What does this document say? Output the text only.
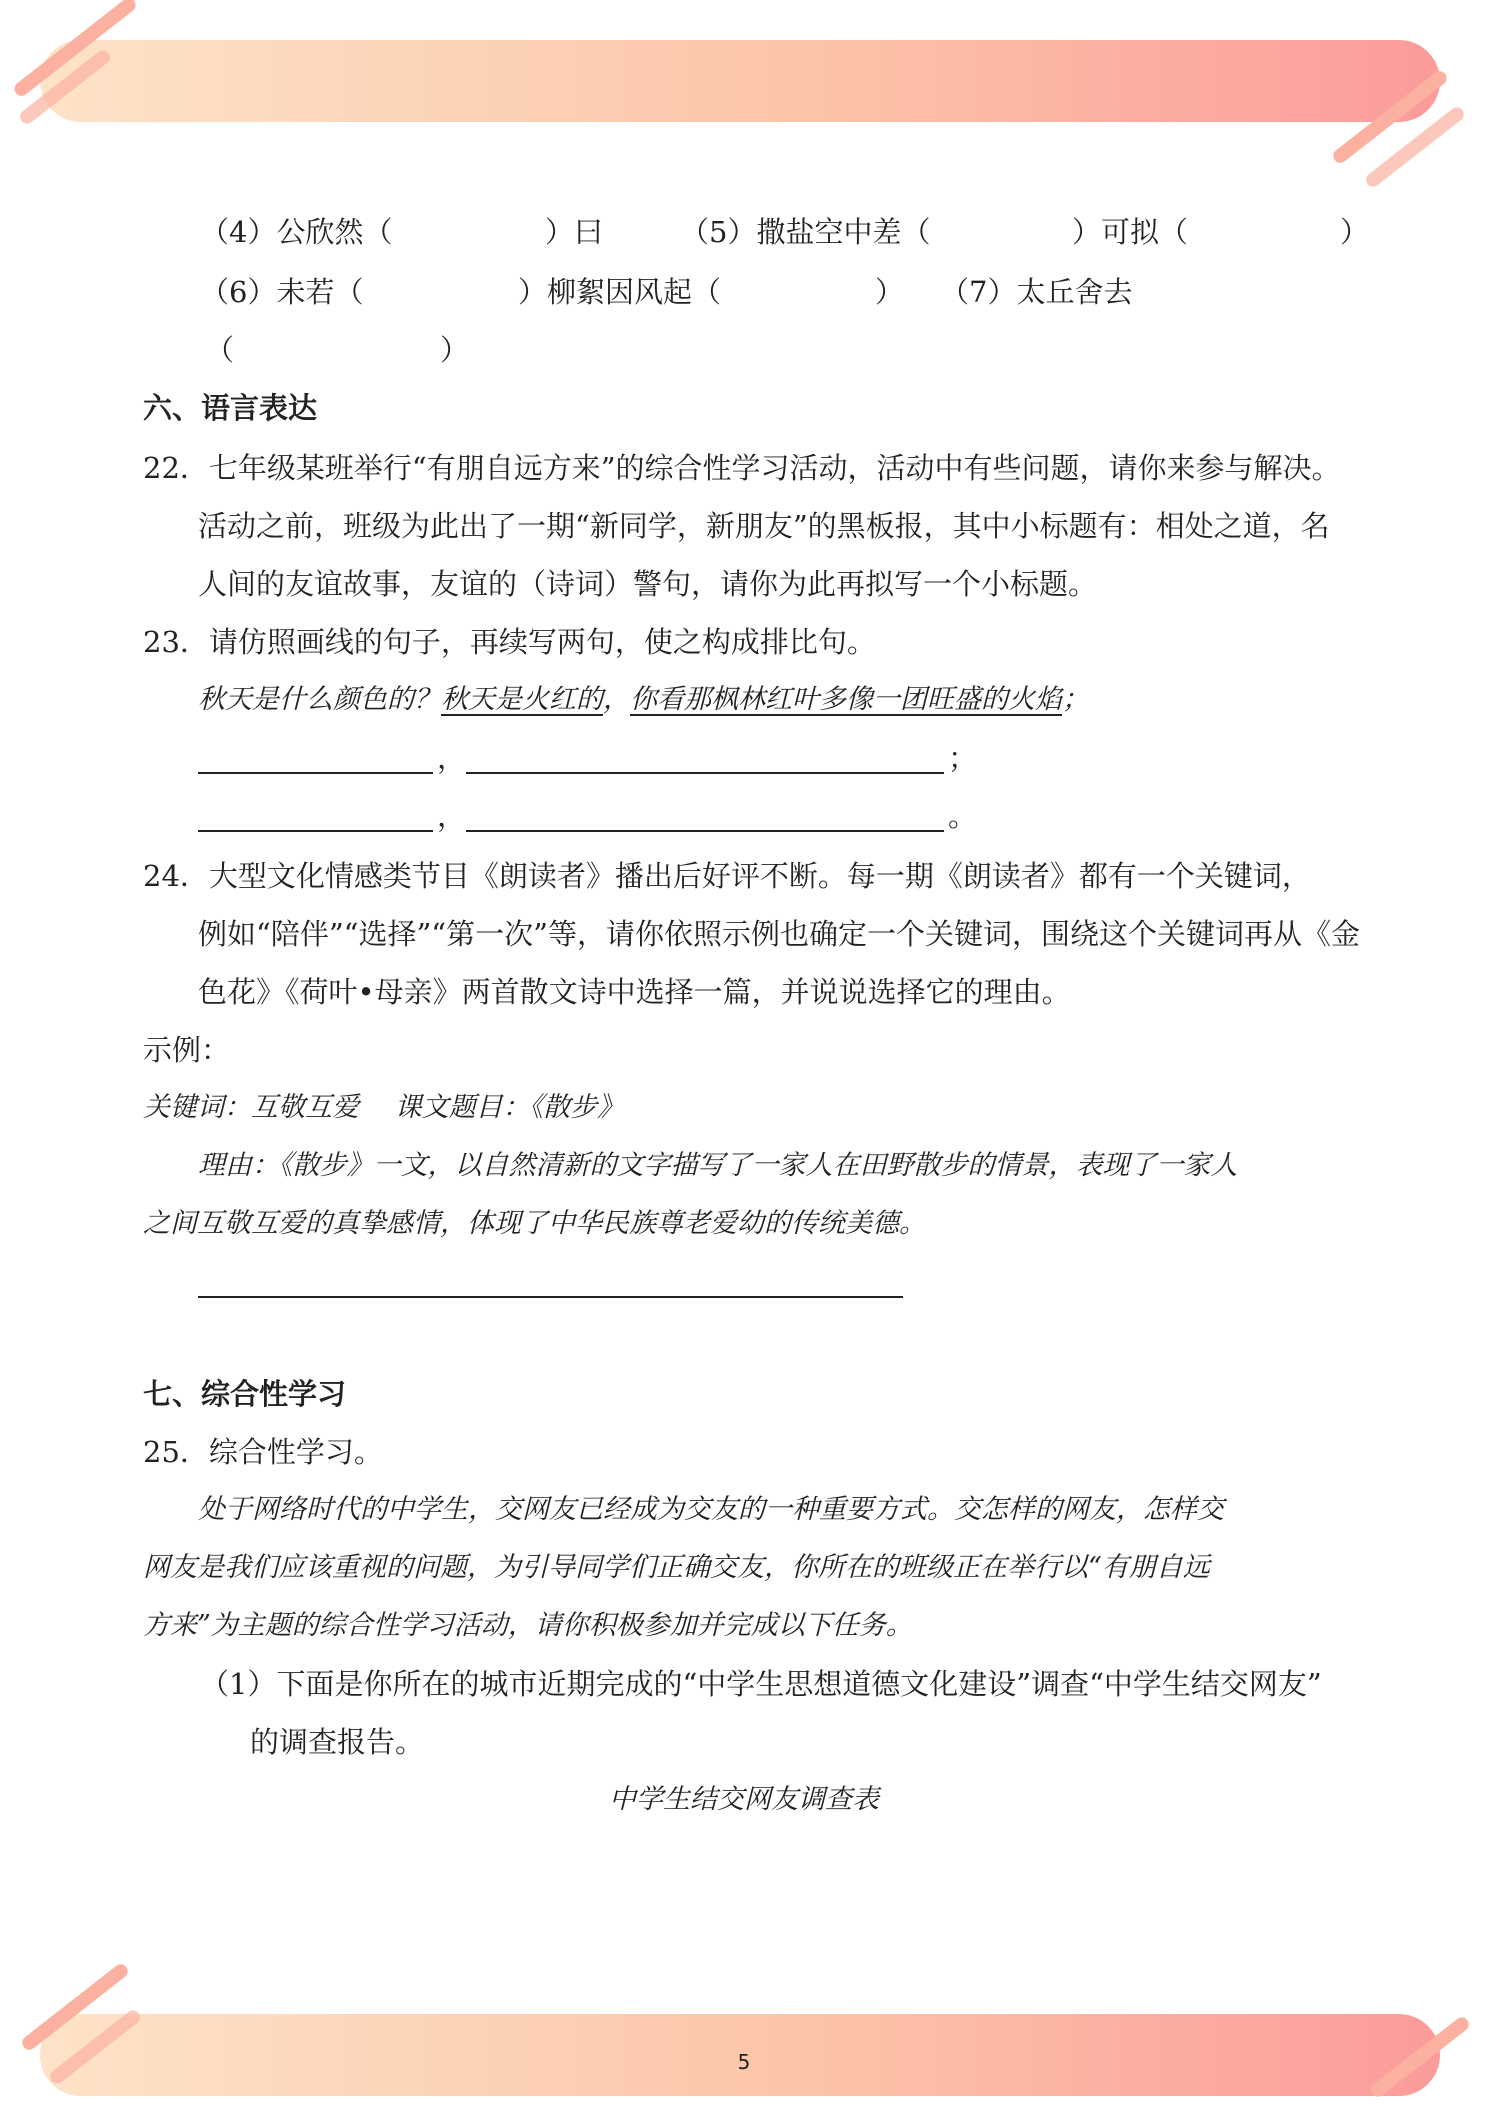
（4）公欣然（	）曰	（5）撒盐空中差（	）可拟（	）
（6）未若（	）柳絮因风起（	） （7）太丘舍去
（	）
六、语言表达
22．七年级某班举行“有朋自远方来”的综合性学习活动，活动中有些问题，请你来参与解决。
活动之前，班级为此出了一期“新同学，新朋友”的黑板报，其中小标题有：相处之道，名
人间的友谊故事，友谊的（诗词）警句，请你为此再拟写一个小标题。
23．请仿照画线的句子，再续写两句，使之构成排比句。
秋天是什么颜色的？秋天是火红的，你看那枫林红叶多像一团旺盛的火焰；
，	；
，	。
24．大型文化情感类节目《朗读者》播出后好评不断。每一期《朗读者》都有一个关键词，
例如“陪伴”“选择”“第一次”等，请你依照示例也确定一个关键词，围绕这个关键词再从《金
色花》《荷叶•母亲》两首散文诗中选择一篇，并说说选择它的理由。
示例：
关键词：互敬互爱　 课文题目：《散步》
理由：《散步》一文，以自然清新的文字描写了一家人在田野散步的情景，表现了一家人
之间互敬互爱的真挚感情，体现了中华民族尊老爱幼的传统美德。
七、综合性学习
25．综合性学习。
处于网络时代的中学生，交网友已经成为交友的一种重要方式。交怎样的网友，怎样交
网友是我们应该重视的问题，为引导同学们正确交友，你所在的班级正在举行以“有朋自远
方来”为主题的综合性学习活动，请你积极参加并完成以下任务。
（1）下面是你所在的城市近期完成的“中学生思想道德文化建设”调查“中学生结交网友”
的调查报告。
中学生结交网友调查表
5
